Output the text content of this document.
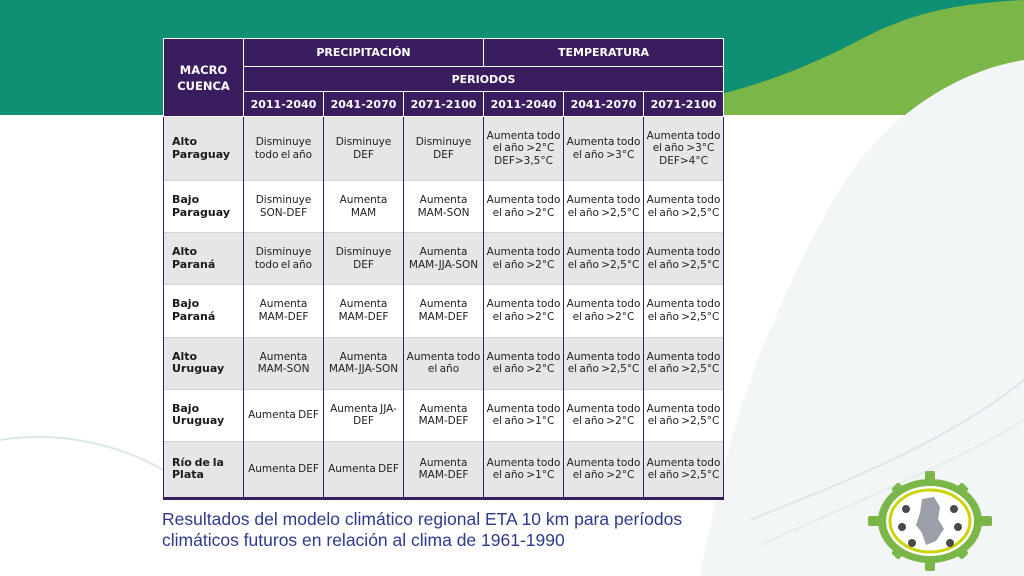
MACRO
CUENCA	PRECIPITACIÓN			TEMPERATURA		
	PERIODOS					
	2011-2040	2041-2070	2071-2100	2011-2040	2041-2070	2071-2100
Alto Paraguay	Disminuye todo el año	Disminuye DEF	Disminuye DEF	Aumenta todo el año >2°C DEF>3,5°C	Aumenta todo el año >3°C	Aumenta todo el año >3°C DEF>4°C
Bajo Paraguay	Disminuye SON-DEF	Aumenta MAM	Aumenta MAM-SON	Aumenta todo el año >2°C	Aumenta todo el año >2,5°C	Aumenta todo el año >2,5°C
Alto Paraná	Disminuye todo el año	Disminuye DEF	Aumenta MAM-JJA-SON	Aumenta todo el año >2°C	Aumenta todo el año >2,5°C	Aumenta todo el año >2,5°C
Bajo Paraná	Aumenta MAM-DEF	Aumenta MAM-DEF	Aumenta MAM-DEF	Aumenta todo el año >2°C	Aumenta todo el año >2°C	Aumenta todo el año >2,5°C
Alto Uruguay	Aumenta MAM-SON	Aumenta MAM-JJA-SON	Aumenta todo el año	Aumenta todo el año >2°C	Aumenta todo el año >2,5°C	Aumenta todo el año >2,5°C
Bajo Uruguay	Aumenta DEF	Aumenta JJA-DEF	Aumenta MAM-DEF	Aumenta todo el año >1°C	Aumenta todo el año >2°C	Aumenta todo el año >2,5°C
Río de la Plata	Aumenta DEF	Aumenta DEF	Aumenta MAM-DEF	Aumenta todo el año >1°C	Aumenta todo el año >2°C	Aumenta todo el año >2,5°C

Resultados del modelo climático regional ETA 10 km para períodos
climáticos futuros en relación al clima de 1961-1990
